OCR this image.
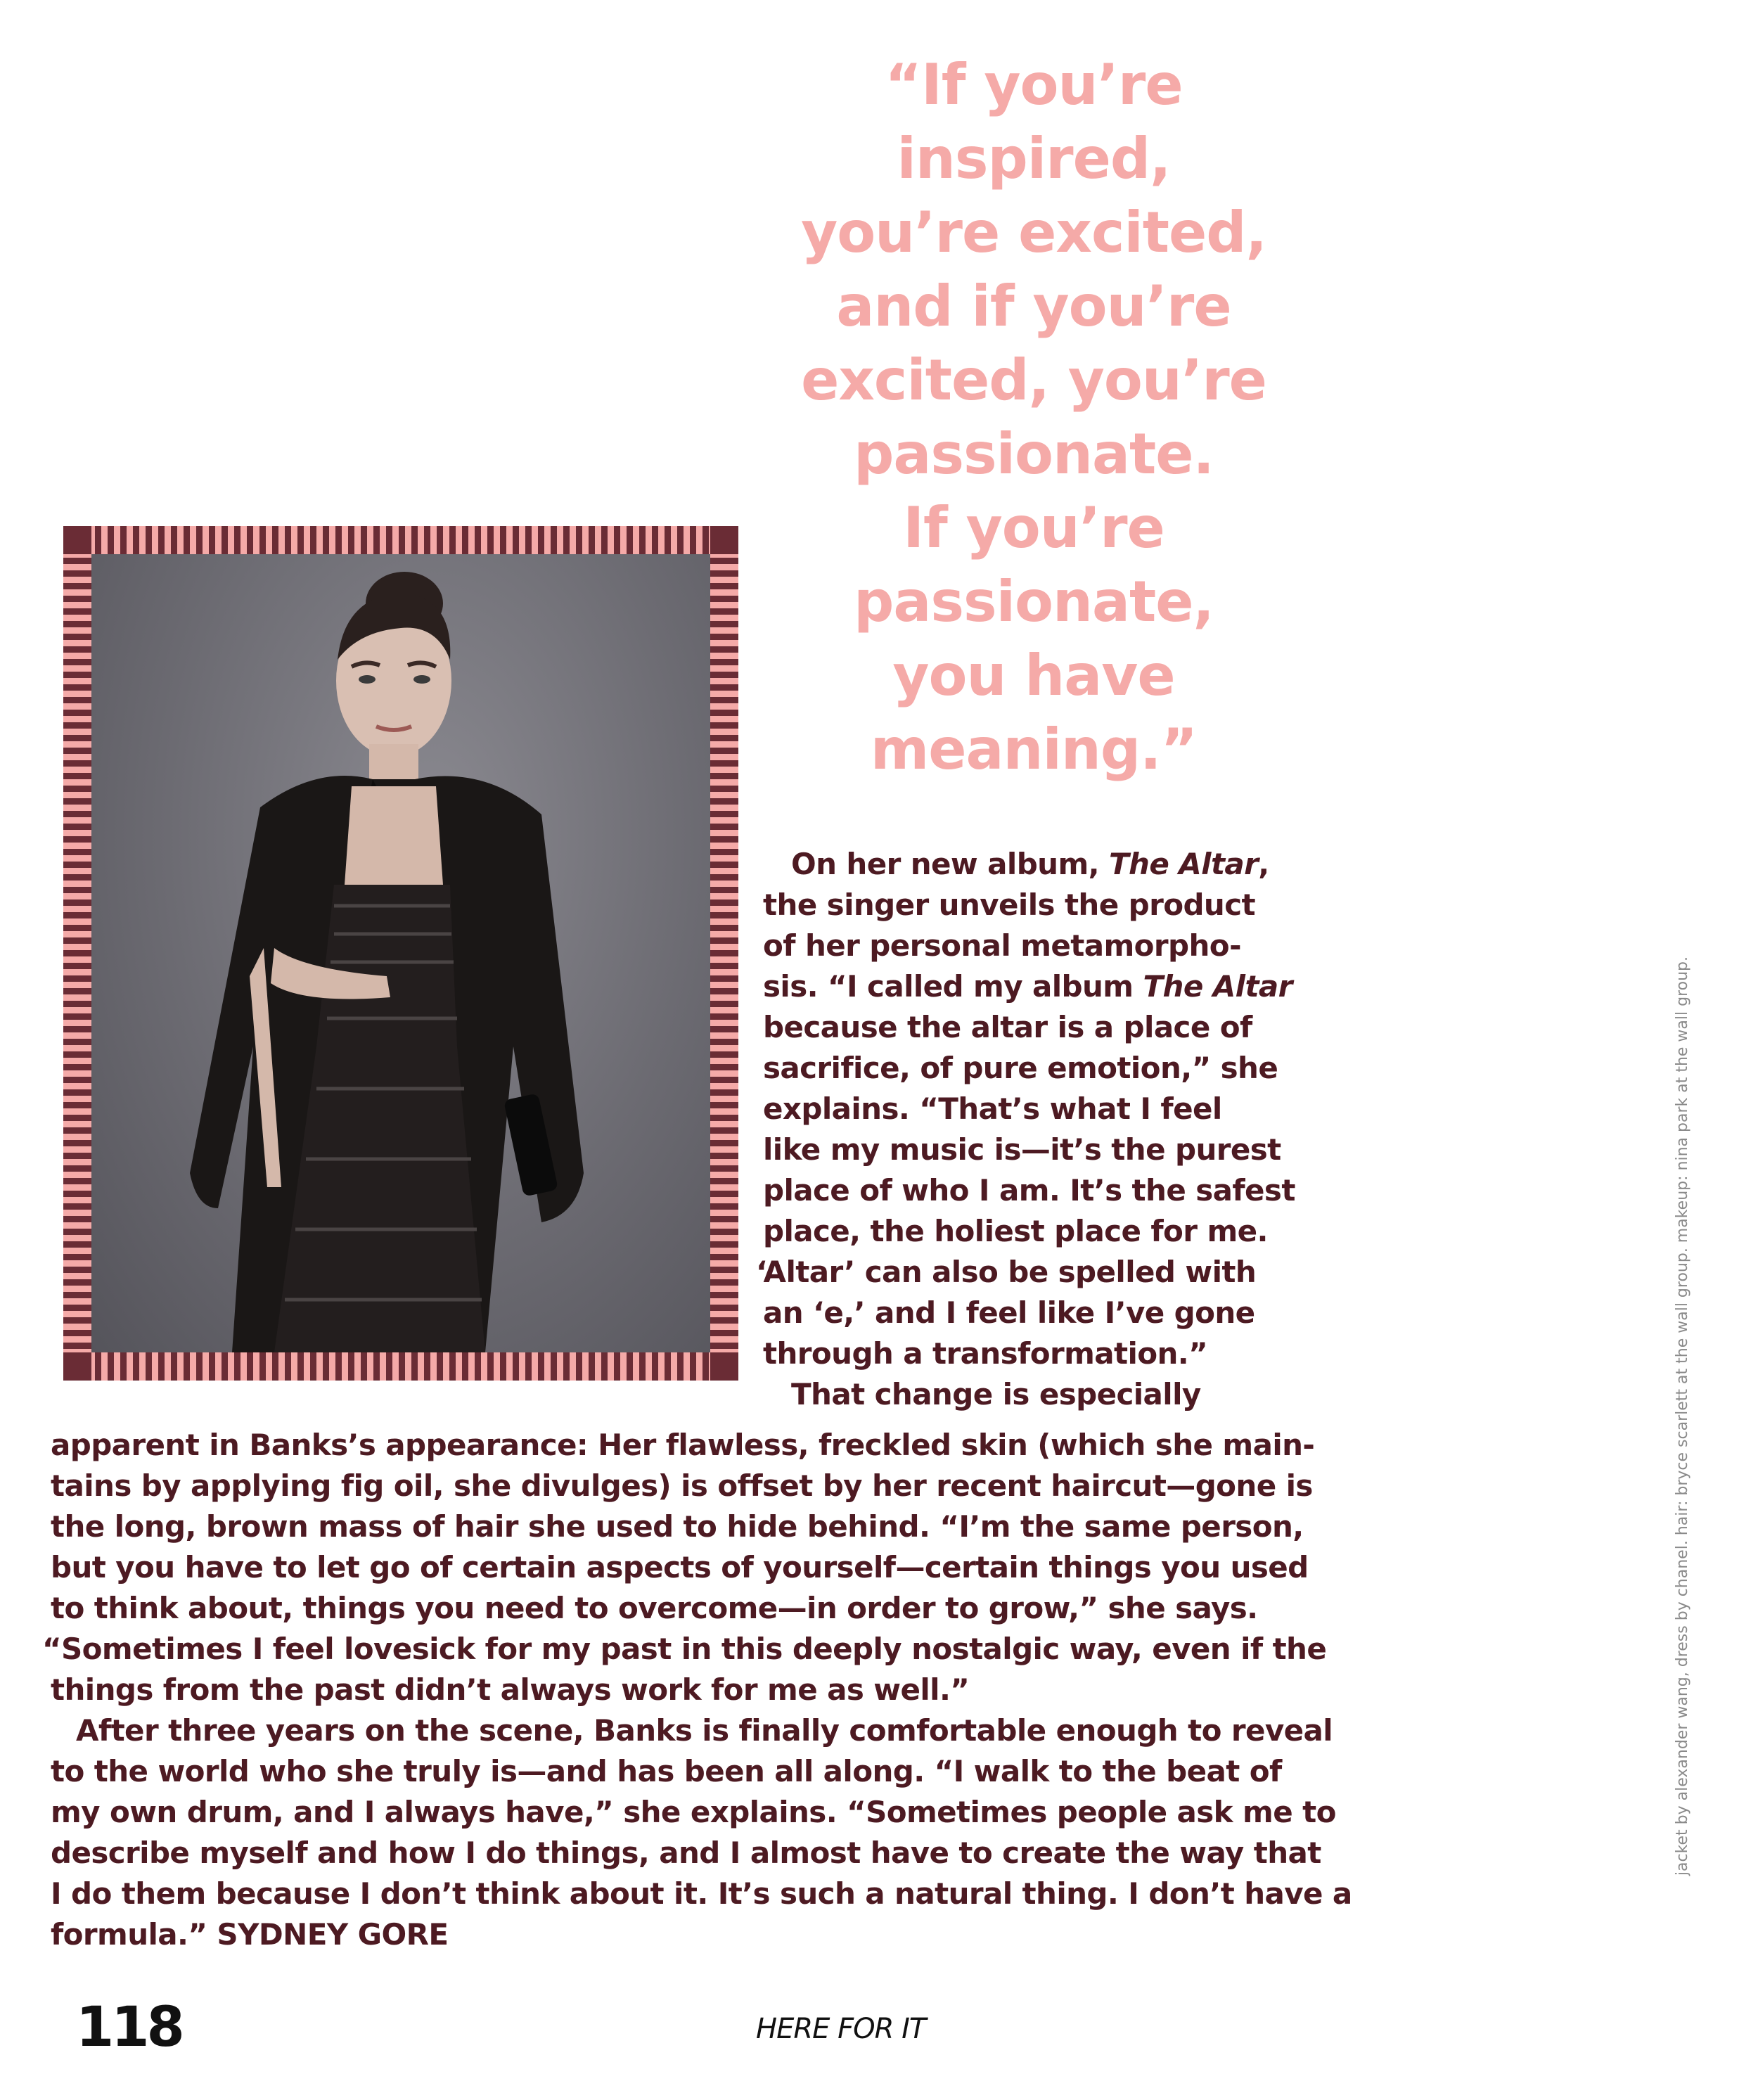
“If you’re
inspired,
you’re excited,
and if you’re
excited, you’re
passionate.
If you’re
passionate,
you have
meaning.”
On her new album, The Altar,
the singer unveils the product
of her personal metamorpho-
sis. “I called my album The Altar
because the altar is a place of
sacrifice, of pure emotion,” she
explains. “That’s what I feel
like my music is—it’s the purest
place of who I am. It’s the safest
place, the holiest place for me.
‘Altar’ can also be spelled with
an ‘e,’ and I feel like I’ve gone
through a transformation.”
That change is especially
apparent in Banks’s appearance: Her flawless, freckled skin (which she main-
tains by applying fig oil, she divulges) is offset by her recent haircut—gone is
the long, brown mass of hair she used to hide behind. “I’m the same person,
but you have to let go of certain aspects of yourself—certain things you used
to think about, things you need to overcome—in order to grow,” she says.
“Sometimes I feel lovesick for my past in this deeply nostalgic way, even if the
things from the past didn’t always work for me as well.”
After three years on the scene, Banks is finally comfortable enough to reveal
to the world who she truly is—and has been all along. “I walk to the beat of
my own drum, and I always have,” she explains. “Sometimes people ask me to
describe myself and how I do things, and I almost have to create the way that
I do them because I don’t think about it. It’s such a natural thing. I don’t have a
formula.” SYDNEY GORE
118	HERE FOR IT
jacket by alexander wang, dress by chanel. hair: bryce scarlett at the wall group. makeup: nina park at the wall group.
